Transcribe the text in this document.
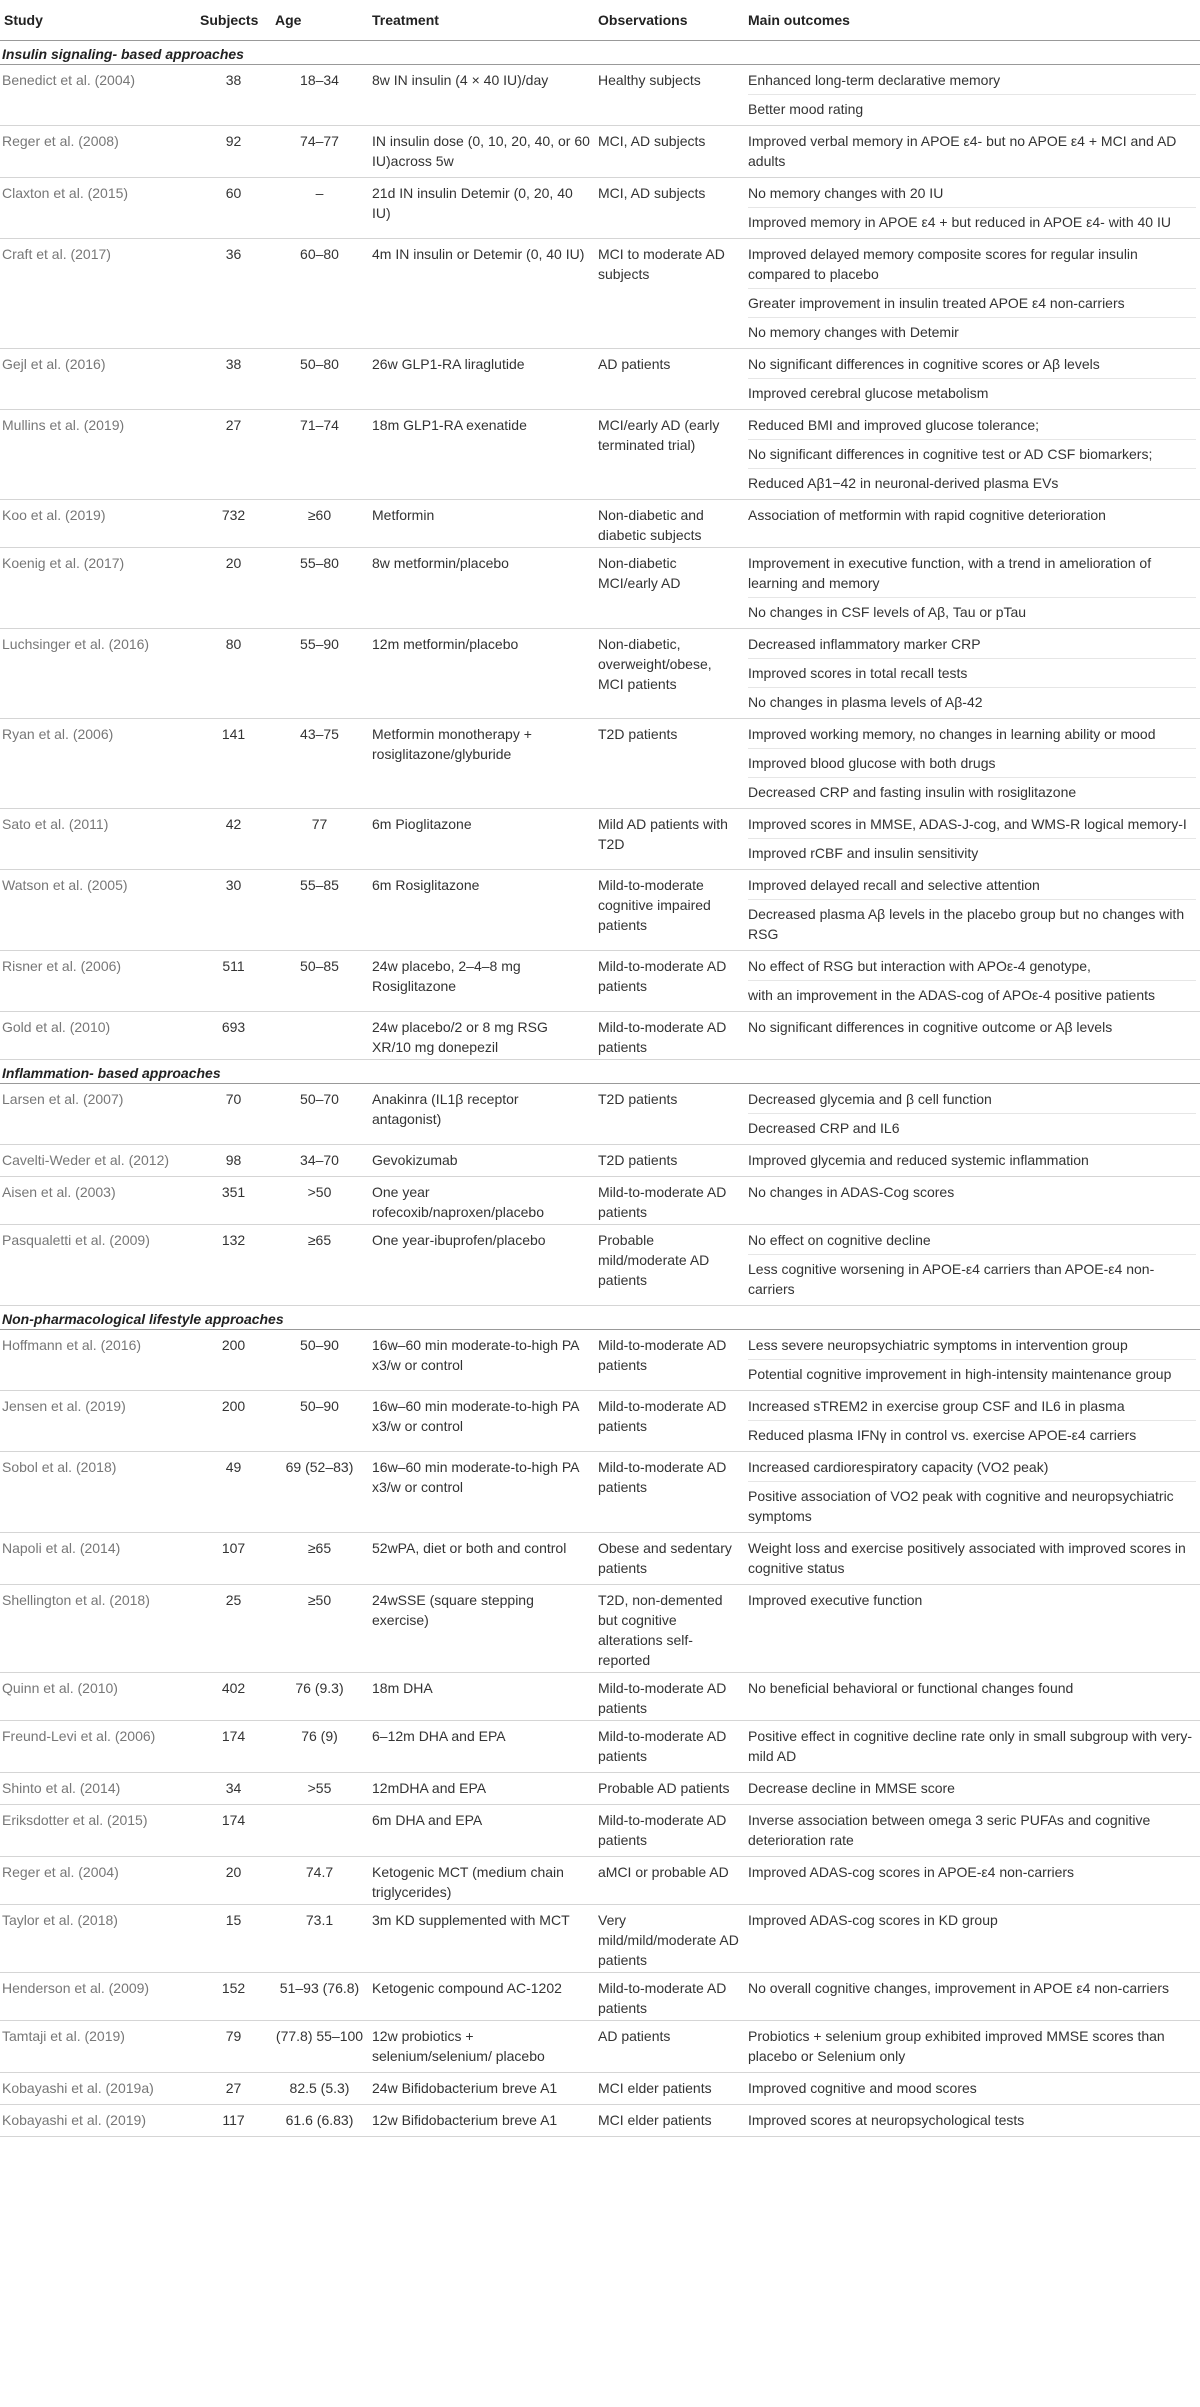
Study	Subjects	Age	Treatment	Observations	Main outcomes
Insulin signaling- based approaches					
Benedict et al. (2004)	38	18–34	8w IN insulin (4 × 40 IU)/day	Healthy subjects	Enhanced long-term declarative memory
Better mood rating

Reger et al. (2008)	92	74–77	IN insulin dose (0, 10, 20, 40, or 60 IU)across 5w	MCI, AD subjects	Improved verbal memory in APOE ε4- but no APOE ε4 + MCI and AD adults

Claxton et al. (2015)	60	–	21d IN insulin Detemir (0, 20, 40 IU)	MCI, AD subjects	No memory changes with 20 IU
Improved memory in APOE ε4 + but reduced in APOE ε4- with 40 IU

Craft et al. (2017)	36	60–80	4m IN insulin or Detemir (0, 40 IU)	MCI to moderate AD subjects	Improved delayed memory composite scores for regular insulin compared to placebo
Greater improvement in insulin treated APOE ε4 non-carriers
No memory changes with Detemir

Gejl et al. (2016)	38	50–80	26w GLP1-RA liraglutide	AD patients	No significant differences in cognitive scores or Aβ levels
Improved cerebral glucose metabolism

Mullins et al. (2019)	27	71–74	18m GLP1-RA exenatide	MCI/early AD (early terminated trial)	Reduced BMI and improved glucose tolerance;
No significant differences in cognitive test or AD CSF biomarkers;
Reduced Aβ1−42 in neuronal-derived plasma EVs

Koo et al. (2019)	732	≥60	Metformin	Non-diabetic and diabetic subjects	Association of metformin with rapid cognitive deterioration

Koenig et al. (2017)	20	55–80	8w metformin/placebo	Non-diabetic MCI/early AD	Improvement in executive function, with a trend in amelioration of learning and memory
No changes in CSF levels of Aβ, Tau or pTau

Luchsinger et al. (2016)	80	55–90	12m metformin/placebo	Non-diabetic, overweight/obese, MCI patients	Decreased inflammatory marker CRP
Improved scores in total recall tests
No changes in plasma levels of Aβ-42

Ryan et al. (2006)	141	43–75	Metformin monotherapy + rosiglitazone/glyburide	T2D patients	Improved working memory, no changes in learning ability or mood
Improved blood glucose with both drugs
Decreased CRP and fasting insulin with rosiglitazone

Sato et al. (2011)	42	77	6m Pioglitazone	Mild AD patients with T2D	Improved scores in MMSE, ADAS-J-cog, and WMS-R logical memory-I
Improved rCBF and insulin sensitivity

Watson et al. (2005)	30	55–85	6m Rosiglitazone	Mild-to-moderate cognitive impaired patients	Improved delayed recall and selective attention
Decreased plasma Aβ levels in the placebo group but no changes with RSG

Risner et al. (2006)	511	50–85	24w placebo, 2–4–8 mg Rosiglitazone	Mild-to-moderate AD patients	No effect of RSG but interaction with APOε-4 genotype,
with an improvement in the ADAS-cog of APOε-4 positive patients

Gold et al. (2010)	693		24w placebo/2 or 8 mg RSG XR/10 mg donepezil	Mild-to-moderate AD patients	No significant differences in cognitive outcome or Aβ levels

Inflammation- based approaches					
Larsen et al. (2007)	70	50–70	Anakinra (IL1β receptor antagonist)	T2D patients	Decreased glycemia and β cell function
Decreased CRP and IL6

Cavelti-Weder et al. (2012)	98	34–70	Gevokizumab	T2D patients	Improved glycemia and reduced systemic inflammation

Aisen et al. (2003)	351	>50	One year rofecoxib/naproxen/placebo	Mild-to-moderate AD patients	No changes in ADAS-Cog scores

Pasqualetti et al. (2009)	132	≥65	One year-ibuprofen/placebo	Probable mild/moderate AD patients	No effect on cognitive decline
Less cognitive worsening in APOE-ε4 carriers than APOE-ε4 non-carriers

Non-pharmacological lifestyle approaches					
Hoffmann et al. (2016)	200	50–90	16w–60 min moderate-to-high PA x3/w or control	Mild-to-moderate AD patients	Less severe neuropsychiatric symptoms in intervention group
Potential cognitive improvement in high-intensity maintenance group

Jensen et al. (2019)	200	50–90	16w–60 min moderate-to-high PA x3/w or control	Mild-to-moderate AD patients	Increased sTREM2 in exercise group CSF and IL6 in plasma
Reduced plasma IFNγ in control vs. exercise APOE-ε4 carriers

Sobol et al. (2018)	49	69 (52–83)	16w–60 min moderate-to-high PA x3/w or control	Mild-to-moderate AD patients	Increased cardiorespiratory capacity (VO2 peak)
Positive association of VO2 peak with cognitive and neuropsychiatric symptoms

Napoli et al. (2014)	107	≥65	52wPA, diet or both and control	Obese and sedentary patients	Weight loss and exercise positively associated with improved scores in cognitive status

Shellington et al. (2018)	25	≥50	24wSSE (square stepping exercise)	T2D, non-demented but cognitive alterations self-reported	Improved executive function

Quinn et al. (2010)	402	76 (9.3)	18m DHA	Mild-to-moderate AD patients	No beneficial behavioral or functional changes found

Freund-Levi et al. (2006)	174	76 (9)	6–12m DHA and EPA	Mild-to-moderate AD patients	Positive effect in cognitive decline rate only in small subgroup with very-mild AD

Shinto et al. (2014)	34	>55	12mDHA and EPA	Probable AD patients	Decrease decline in MMSE score

Eriksdotter et al. (2015)	174		6m DHA and EPA	Mild-to-moderate AD patients	Inverse association between omega 3 seric PUFAs and cognitive deterioration rate

Reger et al. (2004)	20	74.7	Ketogenic MCT (medium chain triglycerides)	aMCI or probable AD	Improved ADAS-cog scores in APOE-ε4 non-carriers

Taylor et al. (2018)	15	73.1	3m KD supplemented with MCT	Very mild/mild/moderate AD patients	Improved ADAS-cog scores in KD group

Henderson et al. (2009)	152	51–93 (76.8)	Ketogenic compound AC-1202	Mild-to-moderate AD patients	No overall cognitive changes, improvement in APOE ε4 non-carriers

Tamtaji et al. (2019)	79	(77.8) 55–100	12w probiotics + selenium/selenium/ placebo	AD patients	Probiotics + selenium group exhibited improved MMSE scores than placebo or Selenium only

Kobayashi et al. (2019a)	27	82.5 (5.3)	24w Bifidobacterium breve A1	MCI elder patients	Improved cognitive and mood scores

Kobayashi et al. (2019)	117	61.6 (6.83)	12w Bifidobacterium breve A1	MCI elder patients	Improved scores at neuropsychological tests
